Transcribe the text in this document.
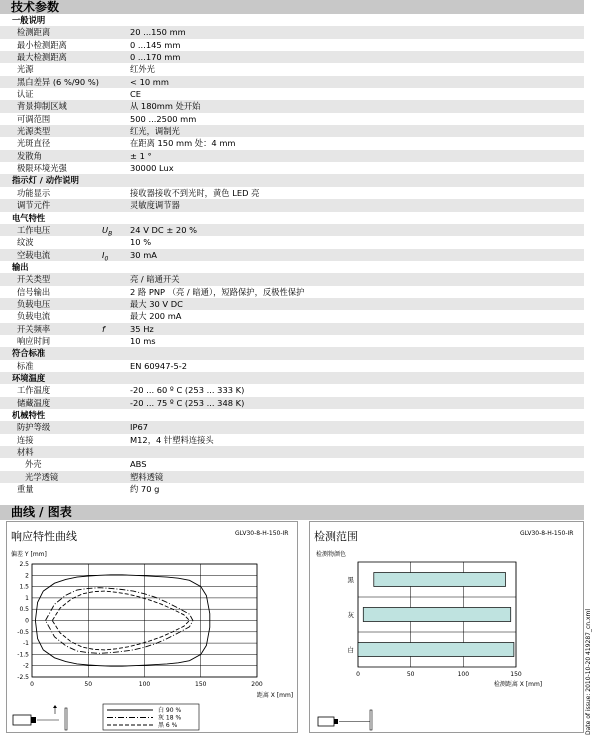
技术参数
一般说明
检测距离	20 ...150 mm
最小检测距离	0 ...145 mm
最大检测距离	0 ...170 mm
光源	红外光
黑白差异 (6 %/90 %)	< 10 mm
认证	CE
背景抑制区域	从 180mm 处开始
可调范围	500 ...2500 mm
光源类型	红光，调制光
光斑直径	在距离 150 mm 处：4 mm
发散角	± 1 °
极限环境光强	30000 Lux
指示灯 / 动作说明
功能显示	接收器接收不到光时，黄色 LED 亮
调节元件	灵敏度调节器
电气特性
工作电压	$U_B$ 24 V DC ± 20 %
纹波	10 %
空载电流	$I_0$	30 mA
输出
开关类型	亮 / 暗通开关
信号输出	2 路 PNP （亮 / 暗通），短路保护，反极性保护
负载电压	最大 30 V DC
负载电流	最大 200 mA
开关频率	f	35 Hz
响应时间	10 ms
符合标准
标准	EN 60947-5-2
环境温度
工作温度	-20 ... 60 º C (253 ... 333 K)
储藏温度	-20 ... 75 º C (253 ... 348 K)
机械特性
防护等级	IP67
连接	M12，4 针塑料连接头
材料
外壳	ABS
光学透镜	塑料透镜
重量	约 70 g
曲线 / 图表
响应特性曲线	GLV30-8-H-150-IR
偏差 Y [mm]
2.5
2
1.5
1
0.5
0
-0.5
-1
-1.5
-2
-2.5
0	50	100	150	200
距离 X [mm]
白 90 %
灰 18 %
黑 6 %
检测范围	GLV30-8-H-150-IR
检测物颜色
0	50	100	150
黑
灰
白
检测距离 X [mm]	Date of issue: 2010-10-20 419287_cn.xml
